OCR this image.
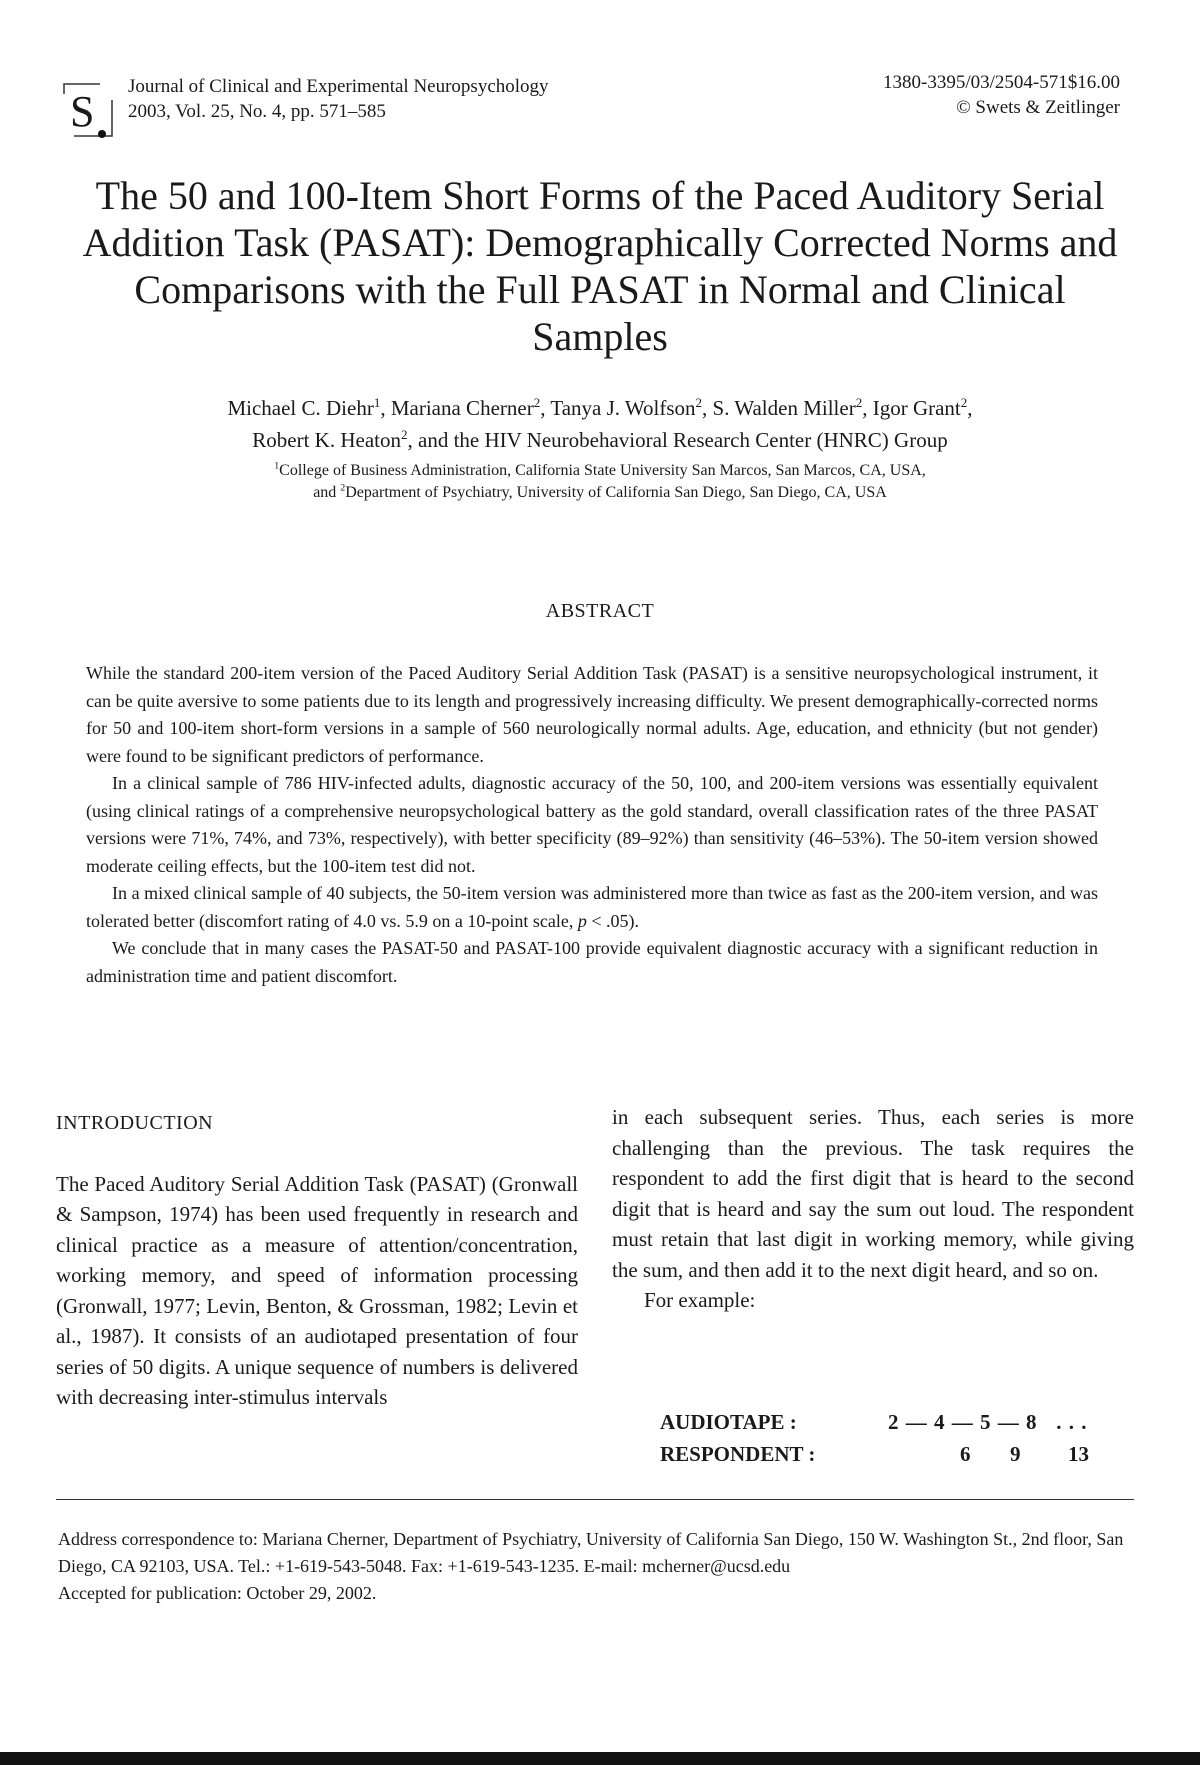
S
Journal of Clinical and Experimental Neuropsychology
2003, Vol. 25, No. 4, pp. 571–585
1380-3395/03/2504-571$16.00
© Swets & Zeitlinger
The 50 and 100-Item Short Forms of the Paced Auditory Serial Addition Task (PASAT): Demographically Corrected Norms and Comparisons with the Full PASAT in Normal and Clinical Samples
Michael C. Diehr$^1$, Mariana Cherner$^2$, Tanya J. Wolfson$^2$, S. Walden Miller$^2$, Igor Grant$^2$,
Robert K. Heaton$^2$, and the HIV Neurobehavioral Research Center (HNRC) Group
$^1$College of Business Administration, California State University San Marcos, San Marcos, CA, USA,
and $^2$Department of Psychiatry, University of California San Diego, San Diego, CA, USA
ABSTRACT

While the standard 200-item version of the Paced Auditory Serial Addition Task (PASAT) is a sensitive neuropsychological instrument, it can be quite aversive to some patients due to its length and progressively increasing difficulty. We present demographically-corrected norms for 50 and 100-item short-form versions in a sample of 560 neurologically normal adults. Age, education, and ethnicity (but not gender) were found to be significant predictors of performance.

In a clinical sample of 786 HIV-infected adults, diagnostic accuracy of the 50, 100, and 200-item versions was essentially equivalent (using clinical ratings of a comprehensive neuropsychological battery as the gold standard, overall classification rates of the three PASAT versions were 71%, 74%, and 73%, respectively), with better specificity (89–92%) than sensitivity (46–53%). The 50-item version showed moderate ceiling effects, but the 100-item test did not.

In a mixed clinical sample of 40 subjects, the 50-item version was administered more than twice as fast as the 200-item version, and was tolerated better (discomfort rating of 4.0 vs. 5.9 on a 10-point scale, p < .05).

We conclude that in many cases the PASAT-50 and PASAT-100 provide equivalent diagnostic accuracy with a significant reduction in administration time and patient discomfort.

INTRODUCTION

The Paced Auditory Serial Addition Task (PASAT) (Gronwall & Sampson, 1974) has been used frequently in research and clinical practice as a measure of attention/concentration, working memory, and speed of information processing (Gronwall, 1977; Levin, Benton, & Grossman, 1982; Levin et al., 1987). It consists of an audiotaped presentation of four series of 50 digits. A unique sequence of numbers is delivered with decreasing inter-stimulus intervals

in each subsequent series. Thus, each series is more challenging than the previous. The task requires the respondent to add the first digit that is heard to the second digit that is heard and say the sum out loud. The respondent must retain that last digit in working memory, while giving the sum, and then add it to the next digit heard, and so on.

For example:

AUDIOTAPE :	2 — 4 — 5 — 8   . . .
RESPONDENT :	6 9 13

Address correspondence to: Mariana Cherner, Department of Psychiatry, University of California San Diego, 150 W. Washington St., 2nd floor, San Diego, CA 92103, USA. Tel.: +1-619-543-5048. Fax: +1-619-543-1235. E-mail: mcherner@ucsd.edu

Accepted for publication: October 29, 2002.
